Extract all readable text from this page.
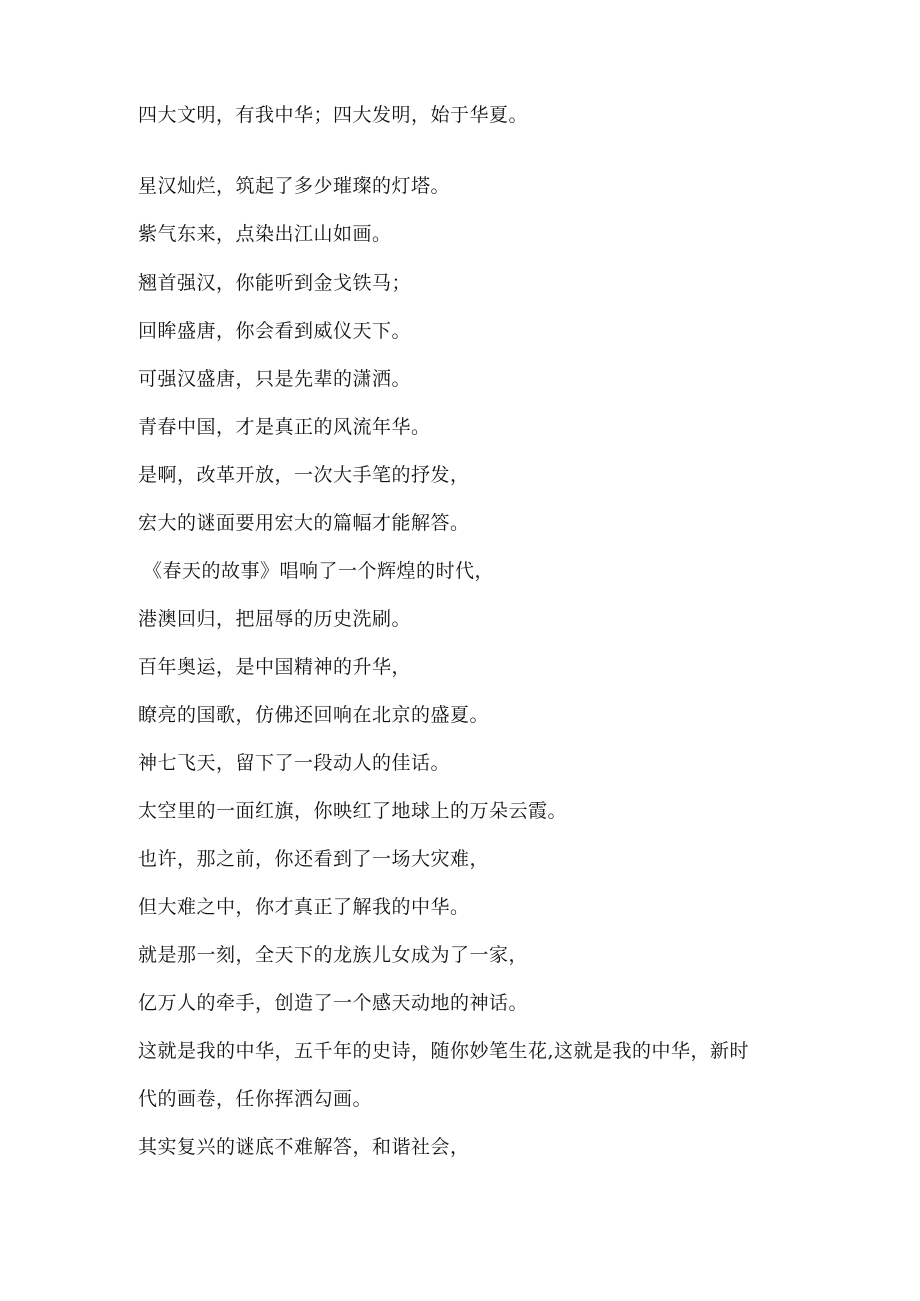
四大文明，有我中华；四大发明，始于华夏。

星汉灿烂，筑起了多少璀璨的灯塔。

紫气东来，点染出江山如画。

翘首强汉，你能听到金戈铁马；

回眸盛唐，你会看到威仪天下。

可强汉盛唐，只是先辈的潇洒。

青春中国，才是真正的风流年华。

是啊，改革开放，一次大手笔的抒发，

宏大的谜面要用宏大的篇幅才能解答。

《春天的故事》唱响了一个辉煌的时代，

港澳回归，把屈辱的历史洗刷。

百年奥运，是中国精神的升华，

瞭亮的国歌，仿佛还回响在北京的盛夏。

神七飞天，留下了一段动人的佳话。

太空里的一面红旗，你映红了地球上的万朵云霞。

也许，那之前，你还看到了一场大灾难，

但大难之中，你才真正了解我的中华。

就是那一刻，全天下的龙族儿女成为了一家，

亿万人的牵手，创造了一个感天动地的神话。

这就是我的中华，五千年的史诗，随你妙笔生花,这就是我的中华，新时

代的画卷，任你挥洒勾画。

其实复兴的谜底不难解答，和谐社会，
